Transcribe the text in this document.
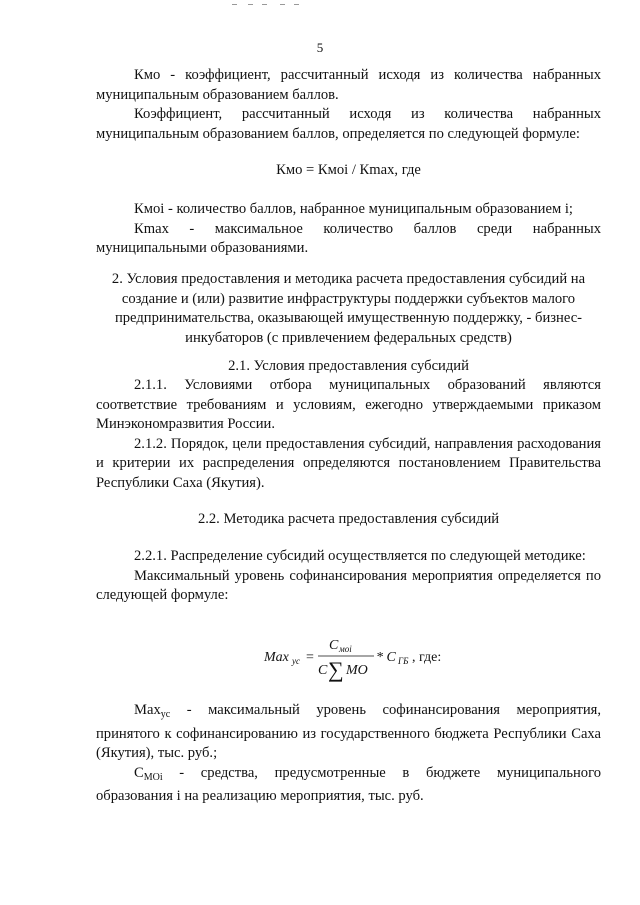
5

Кмо - коэффициент, рассчитанный исходя из количества набранных муниципальным образованием баллов.

Коэффициент, рассчитанный исходя из количества набранных муниципальным образованием баллов, определяется по следующей формуле:

Кмо = Кмоi / Кmax, где

Кмоi - количество баллов, набранное муниципальным образованием i;

Кmax - максимальное количество баллов среди набранных муниципальными образованиями.

2. Условия предоставления и методика расчета предоставления субсидий на создание и (или) развитие инфраструктуры поддержки субъектов малого предпринимательства, оказывающей имущественную поддержку, - бизнес-инкубаторов (с привлечением федеральных средств)
2.1. Условия предоставления субсидий

2.1.1. Условиями отбора муниципальных образований являются соответствие требованиям и условиям, ежегодно утверждаемыми приказом Минэкономразвития России.

2.1.2. Порядок, цели предоставления субсидий, направления расходования и критерии их распределения определяются постановлением Правительства Республики Саха (Якутия).

2.2. Методика расчета предоставления субсидий

2.2.1. Распределение субсидий осуществляется по следующей методике:

Максимальный уровень софинансирования мероприятия определяется по следующей формуле:

Max ус =
C моi
C ∑ МО
* C ГБ , где:

Max$_{ус}$ - максимальный уровень софинансирования мероприятия, принятого к софинансированию из государственного бюджета Республики Саха (Якутия), тыс. руб.;

$С_{МОi}$ - средства, предусмотренные в бюджете муниципального образования i на реализацию мероприятия, тыс. руб.
